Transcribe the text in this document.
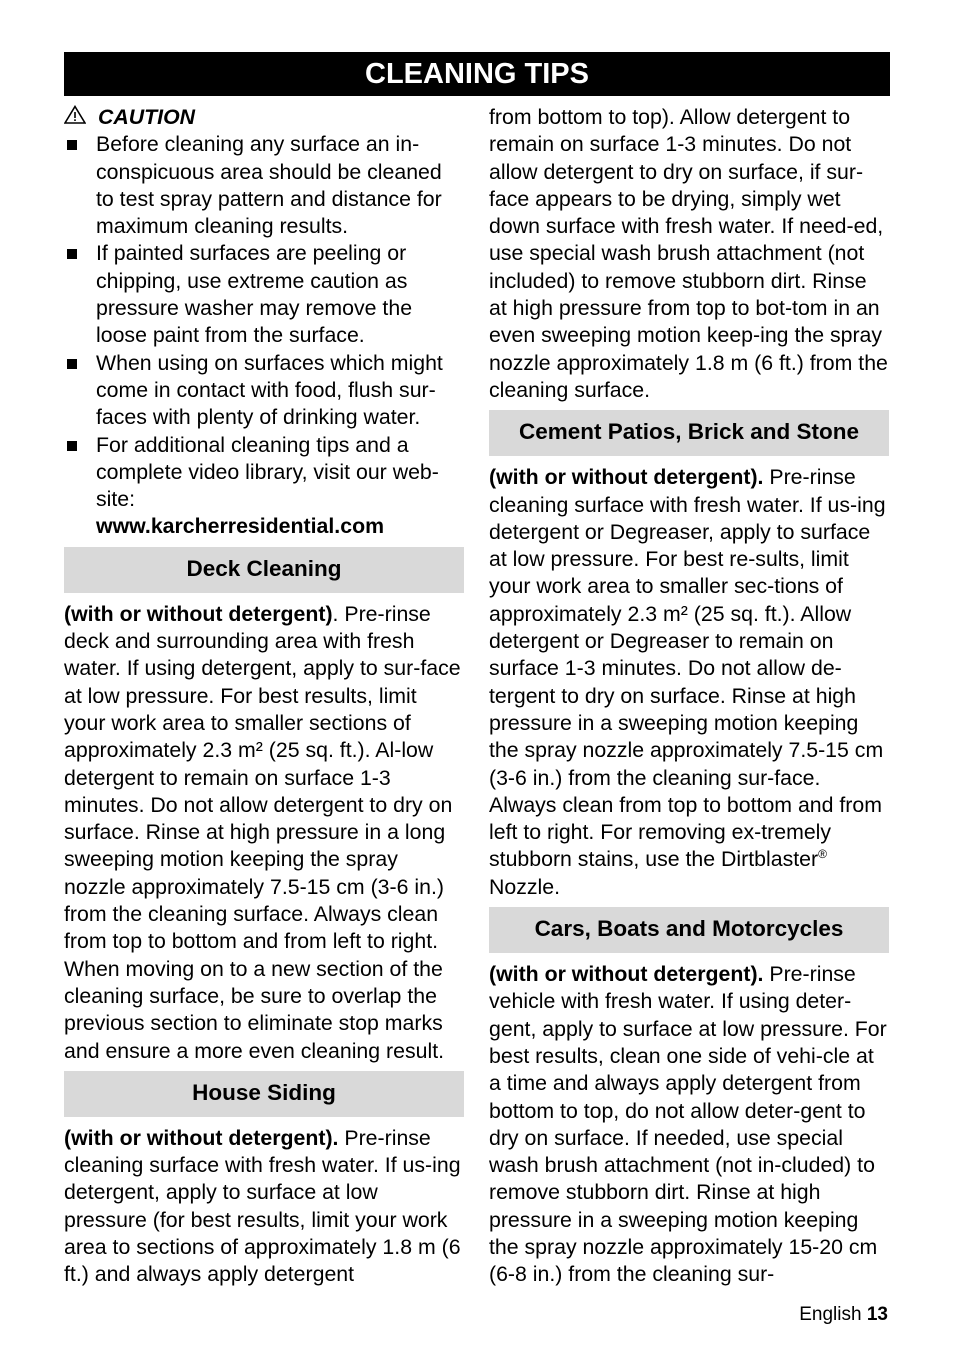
CLEANING TIPS
CAUTION
Before cleaning any surface an in-conspicuous area should be cleaned to test spray pattern and distance for maximum cleaning results.
If painted surfaces are peeling or chipping, use extreme caution as pressure washer may remove the loose paint from the surface.
When using on surfaces which might come in contact with food, flush sur-faces with plenty of drinking water.
For additional cleaning tips and a complete video library, visit our web-site:
www.karcherresidential.com
Deck Cleaning

(with or without detergent). Pre-rinse deck and surrounding area with fresh water. If using detergent, apply to sur-face at low pressure. For best results, limit your work area to smaller sections of approximately 2.3 m² (25 sq. ft.). Al-low detergent to remain on surface 1-3 minutes. Do not allow detergent to dry on surface. Rinse at high pressure in a long sweeping motion keeping the spray nozzle approximately 7.5-15 cm (3-6 in.) from the cleaning surface. Always clean from top to bottom and from left to right. When moving on to a new section of the cleaning surface, be sure to overlap the previous section to eliminate stop marks and ensure a more even cleaning result.

House Siding

(with or without detergent). Pre-rinse cleaning surface with fresh water. If us-ing detergent, apply to surface at low pressure (for best results, limit your work area to sections of approximately 1.8 m (6 ft.) and always apply detergent

from bottom to top). Allow detergent to remain on surface 1-3 minutes. Do not allow detergent to dry on surface, if sur-face appears to be drying, simply wet down surface with fresh water. If need-ed, use special wash brush attachment (not included) to remove stubborn dirt. Rinse at high pressure from top to bot-tom in an even sweeping motion keep-ing the spray nozzle approximately 1.8 m (6 ft.) from the cleaning surface.

Cement Patios, Brick and Stone

(with or without detergent). Pre-rinse cleaning surface with fresh water. If us-ing detergent or Degreaser, apply to surface at low pressure. For best re-sults, limit your work area to smaller sec-tions of approximately 2.3 m² (25 sq. ft.). Allow detergent or Degreaser to remain on surface 1-3 minutes. Do not allow de-tergent to dry on surface. Rinse at high pressure in a sweeping motion keeping the spray nozzle approximately 7.5-15 cm (3-6 in.) from the cleaning sur-face. Always clean from top to bottom and from left to right. For removing ex-tremely stubborn stains, use the Dirtblaster® Nozzle.

Cars, Boats and Motorcycles

(with or without detergent). Pre-rinse vehicle with fresh water. If using deter-gent, apply to surface at low pressure. For best results, clean one side of vehi-cle at a time and always apply detergent from bottom to top, do not allow deter-gent to dry on surface. If needed, use special wash brush attachment (not in-cluded) to remove stubborn dirt. Rinse at high pressure in a sweeping motion keeping the spray nozzle approximately 15-20 cm (6-8 in.) from the cleaning sur-

English 13
